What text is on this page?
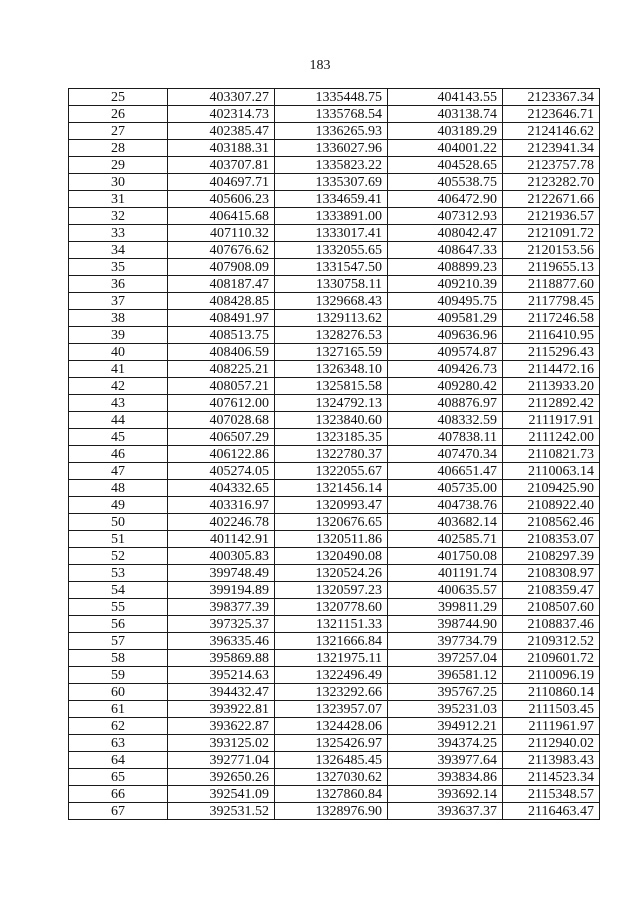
183
25	403307.27	1335448.75	404143.55	2123367.34
26	402314.73	1335768.54	403138.74	2123646.71
27	402385.47	1336265.93	403189.29	2124146.62
28	403188.31	1336027.96	404001.22	2123941.34
29	403707.81	1335823.22	404528.65	2123757.78
30	404697.71	1335307.69	405538.75	2123282.70
31	405606.23	1334659.41	406472.90	2122671.66
32	406415.68	1333891.00	407312.93	2121936.57
33	407110.32	1333017.41	408042.47	2121091.72
34	407676.62	1332055.65	408647.33	2120153.56
35	407908.09	1331547.50	408899.23	2119655.13
36	408187.47	1330758.11	409210.39	2118877.60
37	408428.85	1329668.43	409495.75	2117798.45
38	408491.97	1329113.62	409581.29	2117246.58
39	408513.75	1328276.53	409636.96	2116410.95
40	408406.59	1327165.59	409574.87	2115296.43
41	408225.21	1326348.10	409426.73	2114472.16
42	408057.21	1325815.58	409280.42	2113933.20
43	407612.00	1324792.13	408876.97	2112892.42
44	407028.68	1323840.60	408332.59	2111917.91
45	406507.29	1323185.35	407838.11	2111242.00
46	406122.86	1322780.37	407470.34	2110821.73
47	405274.05	1322055.67	406651.47	2110063.14
48	404332.65	1321456.14	405735.00	2109425.90
49	403316.97	1320993.47	404738.76	2108922.40
50	402246.78	1320676.65	403682.14	2108562.46
51	401142.91	1320511.86	402585.71	2108353.07
52	400305.83	1320490.08	401750.08	2108297.39
53	399748.49	1320524.26	401191.74	2108308.97
54	399194.89	1320597.23	400635.57	2108359.47
55	398377.39	1320778.60	399811.29	2108507.60
56	397325.37	1321151.33	398744.90	2108837.46
57	396335.46	1321666.84	397734.79	2109312.52
58	395869.88	1321975.11	397257.04	2109601.72
59	395214.63	1322496.49	396581.12	2110096.19
60	394432.47	1323292.66	395767.25	2110860.14
61	393922.81	1323957.07	395231.03	2111503.45
62	393622.87	1324428.06	394912.21	2111961.97
63	393125.02	1325426.97	394374.25	2112940.02
64	392771.04	1326485.45	393977.64	2113983.43
65	392650.26	1327030.62	393834.86	2114523.34
66	392541.09	1327860.84	393692.14	2115348.57
67	392531.52	1328976.90	393637.37	2116463.47
